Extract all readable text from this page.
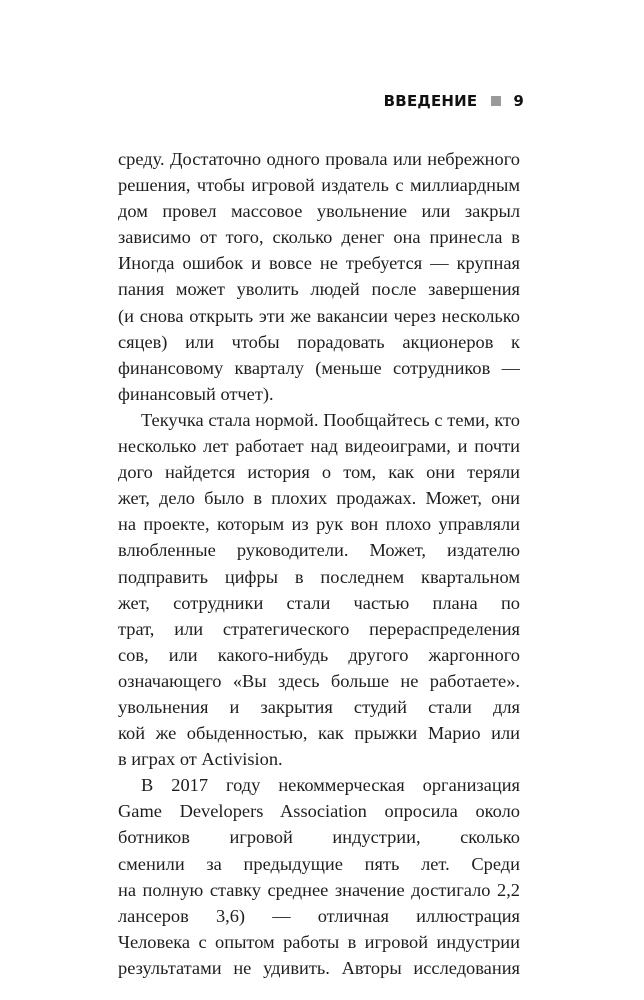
ВВЕДЕНИЕ 9
среду. Достаточно одного провала или небрежного
решения, чтобы игровой издатель с миллиардным
дом провел массовое увольнение или закрыл
зависимо от того, сколько денег она принесла в
Иногда ошибок и вовсе не требуется — крупная
пания может уволить людей после завершения
(и снова открыть эти же вакансии через несколько
сяцев) или чтобы порадовать акционеров к
финансовому кварталу (меньше сотрудников —
финансовый отчет).
Текучка стала нормой. Пообщайтесь с теми, кто
несколько лет работает над видеоиграми, и почти
дого найдется история о том, как они теряли
жет, дело было в плохих продажах. Может, они
на проекте, которым из рук вон плохо управляли
влюбленные руководители. Может, издателю
подправить цифры в последнем квартальном
жет, сотрудники стали частью плана по
трат, или стратегического перераспределения
сов, или какого-нибудь другого жаргонного
означающего «Вы здесь больше не работаете».
увольнения и закрытия студий стали для
кой же обыденностью, как прыжки Марио или
в играх от Activision.
В 2017 году некоммерческая организация
Game Developers Association опросила около
ботников игровой индустрии, сколько
сменили за предыдущие пять лет. Среди
на полную ставку среднее значение достигало 2,2
лансеров 3,6) — отличная иллюстрация
Человека с опытом работы в игровой индустрии
результатами не удивить. Авторы исследования
